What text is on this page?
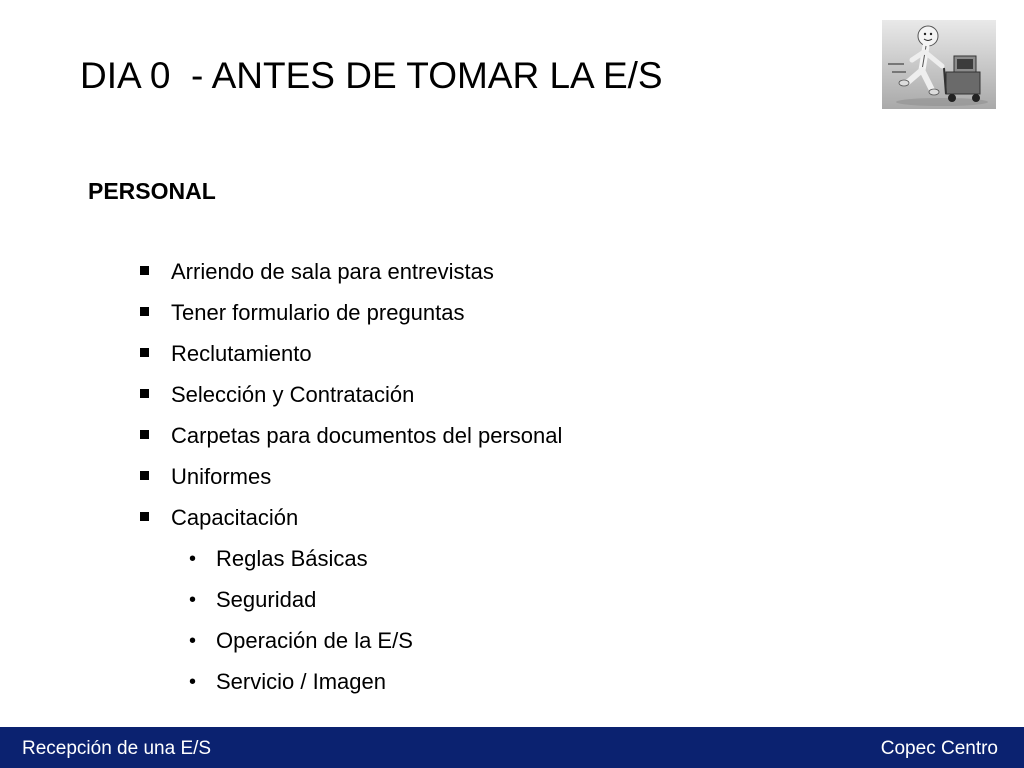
DIA 0  - ANTES DE TOMAR LA E/S
PERSONAL
Arriendo de sala para entrevistas
Tener formulario de preguntas
Reclutamiento
Selección y Contratación
Carpetas para documentos del personal
Uniformes
Capacitación
• Reglas Básicas
• Seguridad
• Operación de la E/S
• Servicio / Imagen
Recepción de una E/S	Copec Centro
